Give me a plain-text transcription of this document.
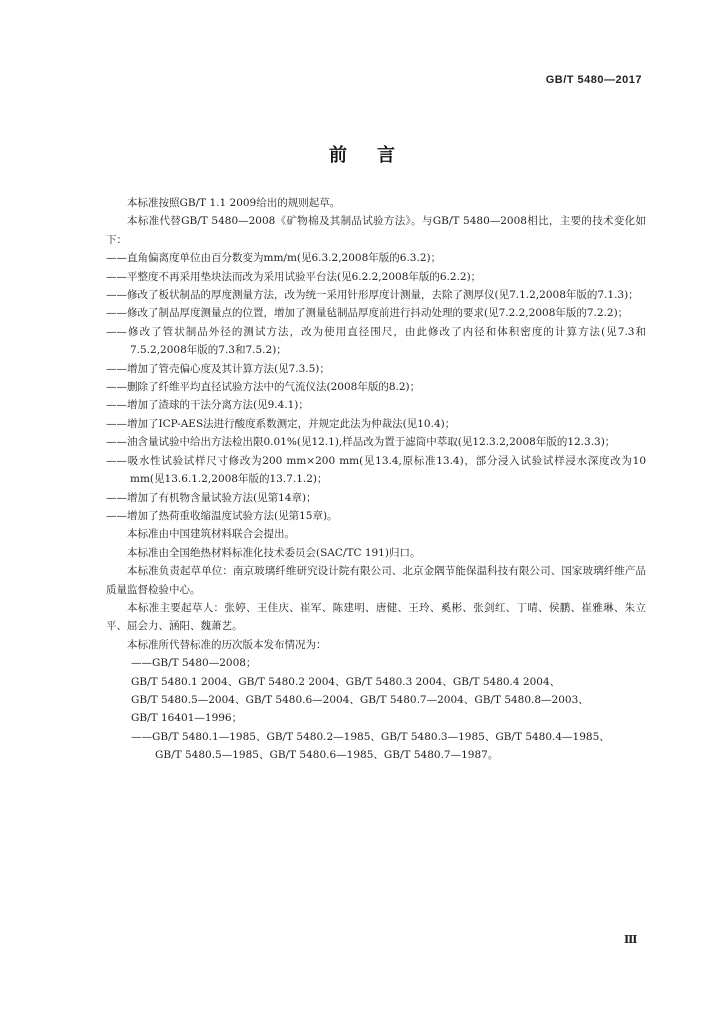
GB/T 5480—2017
前言

本标准按照GB/T 1.1 2009给出的规则起草。

本标准代替GB/T 5480—2008《矿物棉及其制品试验方法》。与GB/T 5480—2008相比，主要的技术变化如下：

——直角偏离度单位由百分数变为mm/m(见6.3.2,2008年版的6.3.2)；

——平整度不再采用垫块法而改为采用试验平台法(见6.2.2,2008年版的6.2.2)；

——修改了板状制品的厚度测量方法，改为统一采用针形厚度计测量，去除了测厚仪(见7.1.2,2008年版的7.1.3)；

——修改了制品厚度测量点的位置，增加了测量毡制品厚度前进行抖动处理的要求(见7.2.2,2008年版的7.2.2)；

——修改了管状制品外径的测试方法，改为使用直径围尺，由此修改了内径和体积密度的计算方法(见7.3和7.5.2,2008年版的7.3和7.5.2)；

——增加了管壳偏心度及其计算方法(见7.3.5)；

——删除了纤维平均直径试验方法中的气流仪法(2008年版的8.2)；

——增加了渣球的干法分离方法(见9.4.1)；

——增加了ICP-AES法进行酸度系数测定，并规定此法为仲裁法(见10.4)；

——油含量试验中给出方法检出限0.01%(见12.1),样品改为置于滤筒中萃取(见12.3.2,2008年版的12.3.3)；

——吸水性试验试样尺寸修改为200 mm×200 mm(见13.4,原标准13.4)，部分浸入试验试样浸水深度改为10 mm(见13.6.1.2,2008年版的13.7.1.2)；

——增加了有机物含量试验方法(见第14章)；

——增加了热荷重收缩温度试验方法(见第15章)。

本标准由中国建筑材料联合会提出。

本标准由全国绝热材料标准化技术委员会(SAC/TC 191)归口。

本标准负责起草单位：南京玻璃纤维研究设计院有限公司、北京金隅节能保温科技有限公司、国家玻璃纤维产品质量监督检验中心。

本标准主要起草人：张婷、王佳庆、崔军、陈建明、唐健、王玲、奚彬、张剑红、丁晴、侯鹏、崔雅琳、朱立平、屈会力、涵阳、魏萧艺。

本标准所代替标准的历次版本发布情况为：

——GB/T 5480—2008；

GB/T 5480.1 2004、GB/T 5480.2 2004、GB/T 5480.3 2004、GB/T 5480.4 2004、
GB/T 5480.5—2004、GB/T 5480.6—2004、GB/T 5480.7—2004、GB/T 5480.8—2003、
GB/T 16401—1996；

——GB/T 5480.1—1985、GB/T 5480.2—1985、GB/T 5480.3—1985、GB/T 5480.4—1985、
GB/T 5480.5—1985、GB/T 5480.6—1985、GB/T 5480.7—1987。

Ⅲ
